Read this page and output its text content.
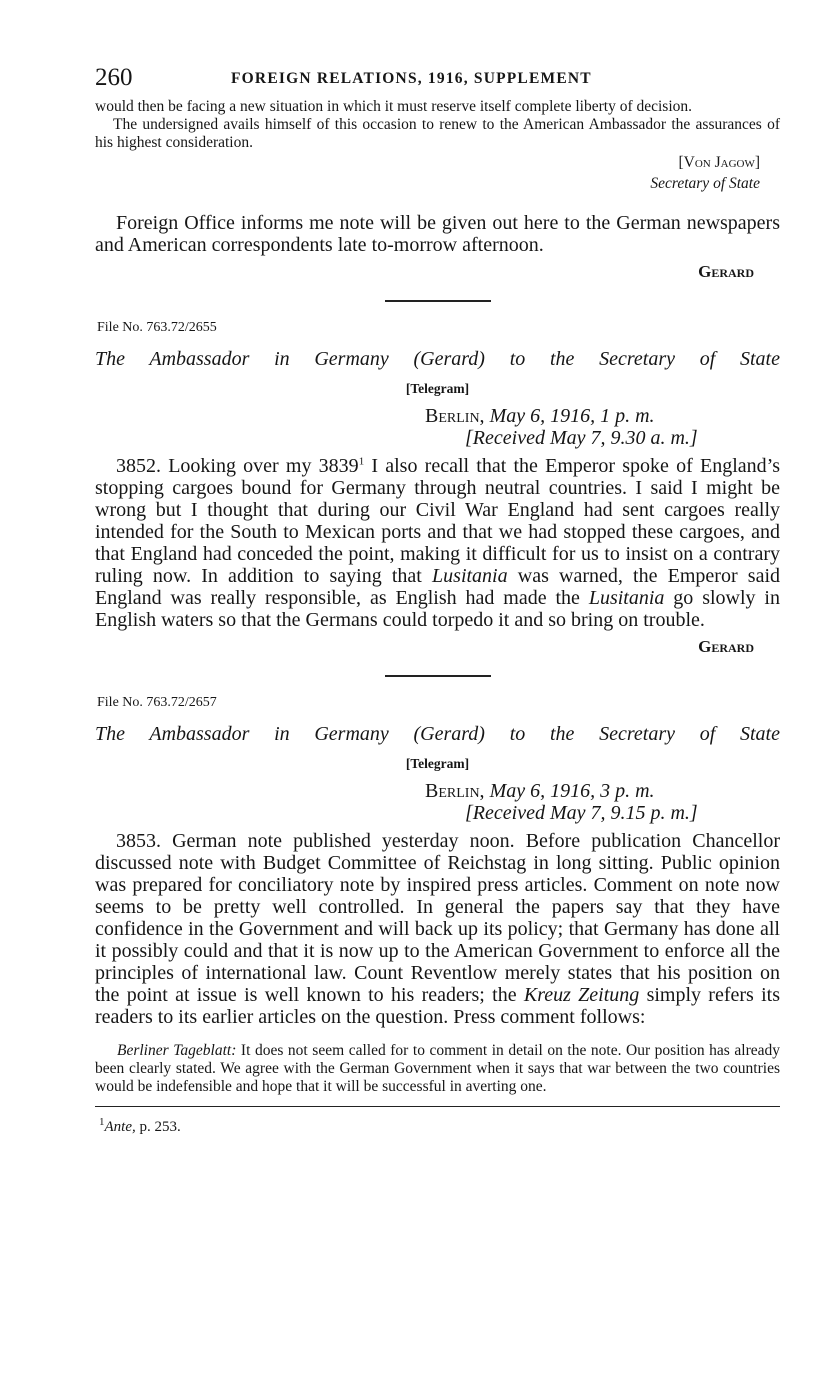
260	FOREIGN RELATIONS, 1916, SUPPLEMENT

would then be facing a new situation in which it must reserve itself complete liberty of decision.

The undersigned avails himself of this occasion to renew to the American Ambassador the assurances of his highest consideration.

[Von Jagow]
Secretary of State

Foreign Office informs me note will be given out here to the German newspapers and American correspondents late to-morrow afternoon.

Gerard
File No. 763.72/2655
The Ambassador in Germany (Gerard) to the Secretary of State
[Telegram]
Berlin, May 6, 1916, 1 p. m.
[Received May 7, 9.30 a. m.]

3852. Looking over my 3839$^1$ I also recall that the Emperor spoke of England’s stopping cargoes bound for Germany through neutral countries. I said I might be wrong but I thought that during our Civil War England had sent cargoes really intended for the South to Mexican ports and that we had stopped these cargoes, and that England had conceded the point, making it difficult for us to insist on a contrary ruling now. In addition to saying that Lusitania was warned, the Emperor said England was really responsible, as English had made the Lusitania go slowly in English waters so that the Germans could torpedo it and so bring on trouble.

Gerard
File No. 763.72/2657
The Ambassador in Germany (Gerard) to the Secretary of State
[Telegram]
Berlin, May 6, 1916, 3 p. m.
[Received May 7, 9.15 p. m.]

3853. German note published yesterday noon. Before publication Chancellor discussed note with Budget Committee of Reichstag in long sitting. Public opinion was prepared for conciliatory note by inspired press articles. Comment on note now seems to be pretty well controlled. In general the papers say that they have confidence in the Government and will back up its policy; that Germany has done all it possibly could and that it is now up to the American Government to enforce all the principles of international law. Count Reventlow merely states that his position on the point at issue is well known to his readers; the Kreuz Zeitung simply refers its readers to its earlier articles on the question. Press comment follows:

Berliner Tageblatt: It does not seem called for to comment in detail on the note. Our position has already been clearly stated. We agree with the German Government when it says that war between the two countries would be indefensible and hope that it will be successful in averting one.

$^1$Ante, p. 253.
